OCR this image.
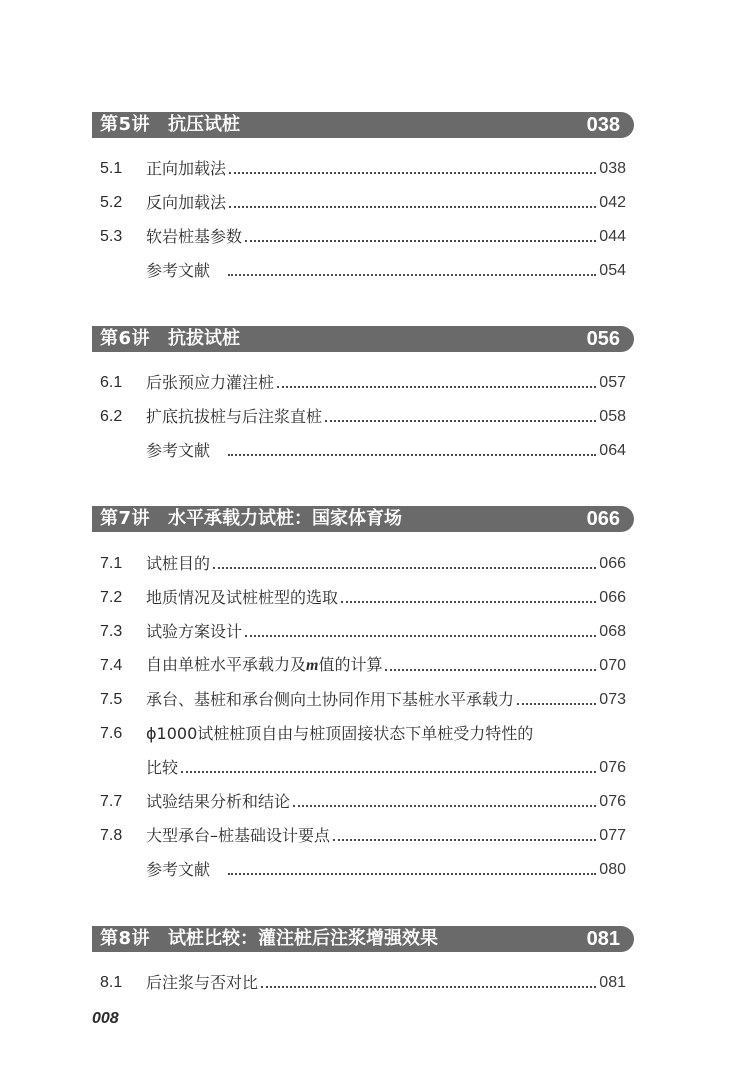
第5讲 抗压试桩	038
5.1	正向加载法	038
5.2	反向加载法	042
5.3	软岩桩基参数	044
参考文献	054
第6讲 抗拔试桩	056
6.1	后张预应力灌注桩	057
6.2	扩底抗拔桩与后注浆直桩	058
参考文献	064
第7讲 水平承载力试桩：国家体育场	066
7.1	试桩目的	066
7.2	地质情况及试桩桩型的选取	066
7.3	试验方案设计	068
7.4	自由单桩水平承载力及m值的计算	070
7.5	承台、基桩和承台侧向土协同作用下基桩水平承载力	073
7.6	ϕ1000试桩桩顶自由与桩顶固接状态下单桩受力特性的
比较	076
7.7	试验结果分析和结论	076
7.8	大型承台–桩基础设计要点	077
参考文献	080
第8讲 试桩比较：灌注桩后注浆增强效果	081
8.1	后注浆与否对比	081
008
